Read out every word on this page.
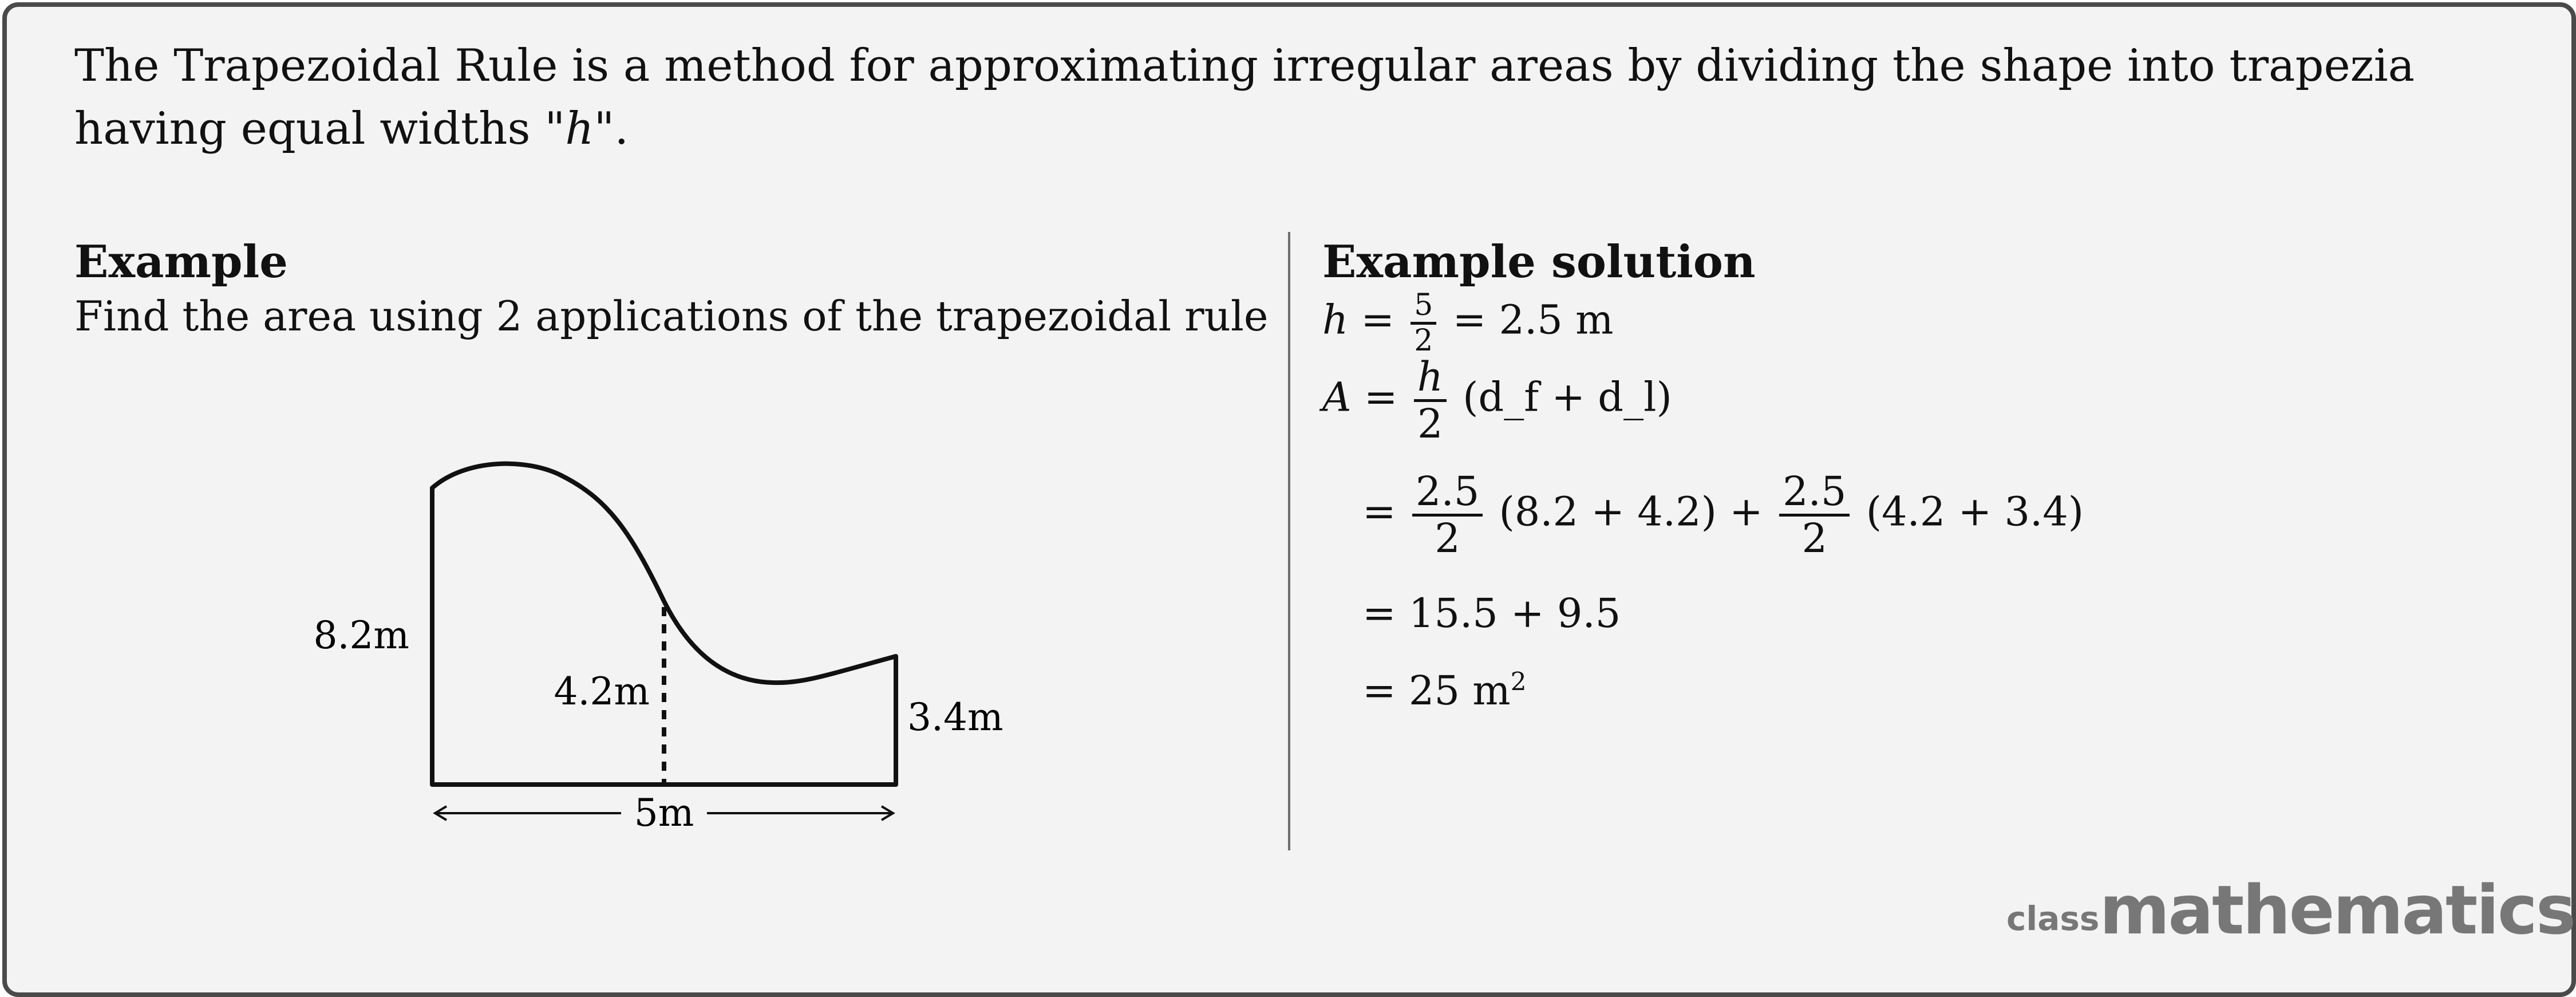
The Trapezoidal Rule is a method for approximating irregular areas by dividing the shape into trapezia having equal widths "h".
Example
Find the area using 2 applications of the trapezoidal rule
8.2m
4.2m
3.4m
5m
Example solution
$h = \frac{5}{2} = 2.5$ m
$A = \frac{h}{2}$ (d_f + d_l)
= $\frac{2.5}{2} (8.2 + 4.2) + \frac{2.5}{2} (4.2 + 3.4)$
= 15.5 + 9.5
= 25 $m^2$
classmathematics
